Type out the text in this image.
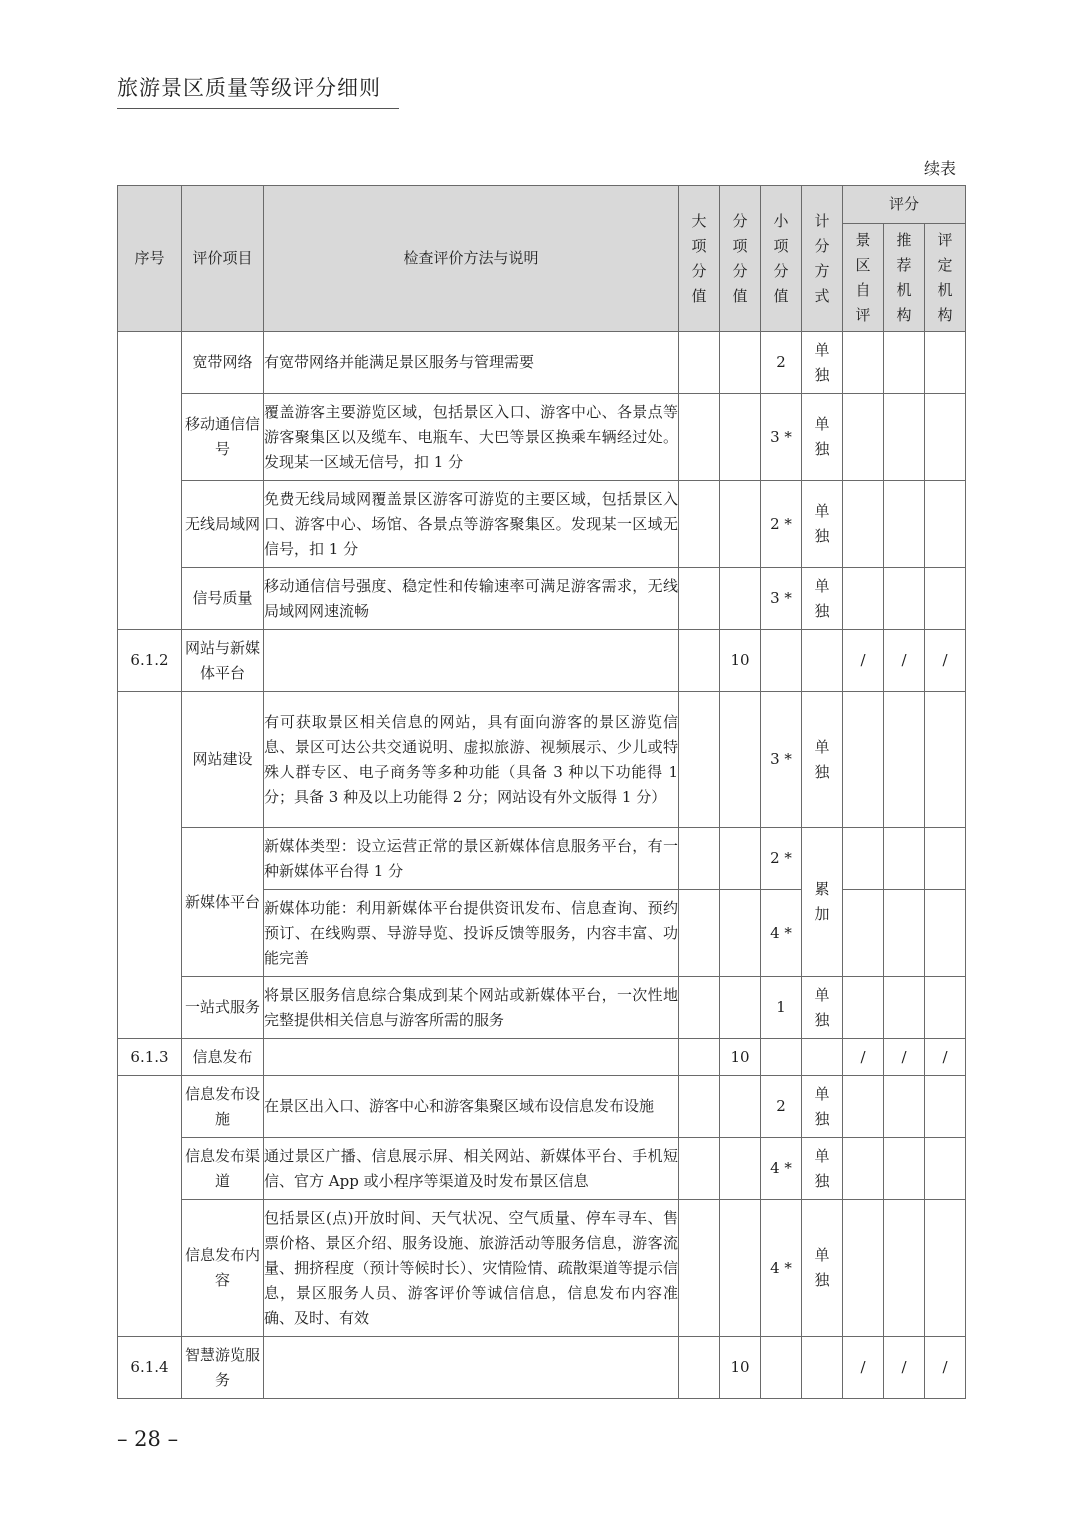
旅游景区质量等级评分细则
续表
序号	评价项目	检查评价方法与说明	大项分值	分项分值	小项分值	计分方式	评分		
							景区自评	推荐机构	评定机构
	宽带网络	有宽带网络并能满足景区服务与管理需要			2	单独			
	移动通信信号	覆盖游客主要游览区域，包括景区入口、游客中心、各景点等游客聚集区以及缆车、电瓶车、大巴等景区换乘车辆经过处。发现某一区域无信号，扣 1 分			3 *	单独			
	无线局域网	免费无线局域网覆盖景区游客可游览的主要区域，包括景区入口、游客中心、场馆、各景点等游客聚集区。发现某一区域无信号，扣 1 分			2 *	单独			
	信号质量	移动通信信号强度、稳定性和传输速率可满足游客需求，无线局域网网速流畅			3 *	单独			
6.1.2	网站与新媒体平台			10			/	/	/
	网站建设	有可获取景区相关信息的网站，具有面向游客的景区游览信息、景区可达公共交通说明、虚拟旅游、视频展示、少儿或特殊人群专区、电子商务等多种功能（具备 3 种以下功能得 1 分；具备 3 种及以上功能得 2 分；网站设有外文版得 1 分）			3 *	单独			
	新媒体平台	新媒体类型：设立运营正常的景区新媒体信息服务平台，有一种新媒体平台得 1 分			2 *	累加			
		新媒体功能：利用新媒体平台提供资讯发布、信息查询、预约预订、在线购票、导游导览、投诉反馈等服务，内容丰富、功能完善			4 *				
	一站式服务	将景区服务信息综合集成到某个网站或新媒体平台，一次性地完整提供相关信息与游客所需的服务			1	单独			
6.1.3	信息发布			10			/	/	/
	信息发布设施	在景区出入口、游客中心和游客集聚区域布设信息发布设施			2	单独			
	信息发布渠道	通过景区广播、信息展示屏、相关网站、新媒体平台、手机短信、官方 App 或小程序等渠道及时发布景区信息			4 *	单独			
	信息发布内容	包括景区(点)开放时间、天气状况、空气质量、停车寻车、售票价格、景区介绍、服务设施、旅游活动等服务信息，游客流量、拥挤程度（预计等候时长）、灾情险情、疏散渠道等提示信息，景区服务人员、游客评价等诚信信息，信息发布内容准确、及时、有效			4 *	单独			
6.1.4	智慧游览服务			10			/	/	/
– 28 –
